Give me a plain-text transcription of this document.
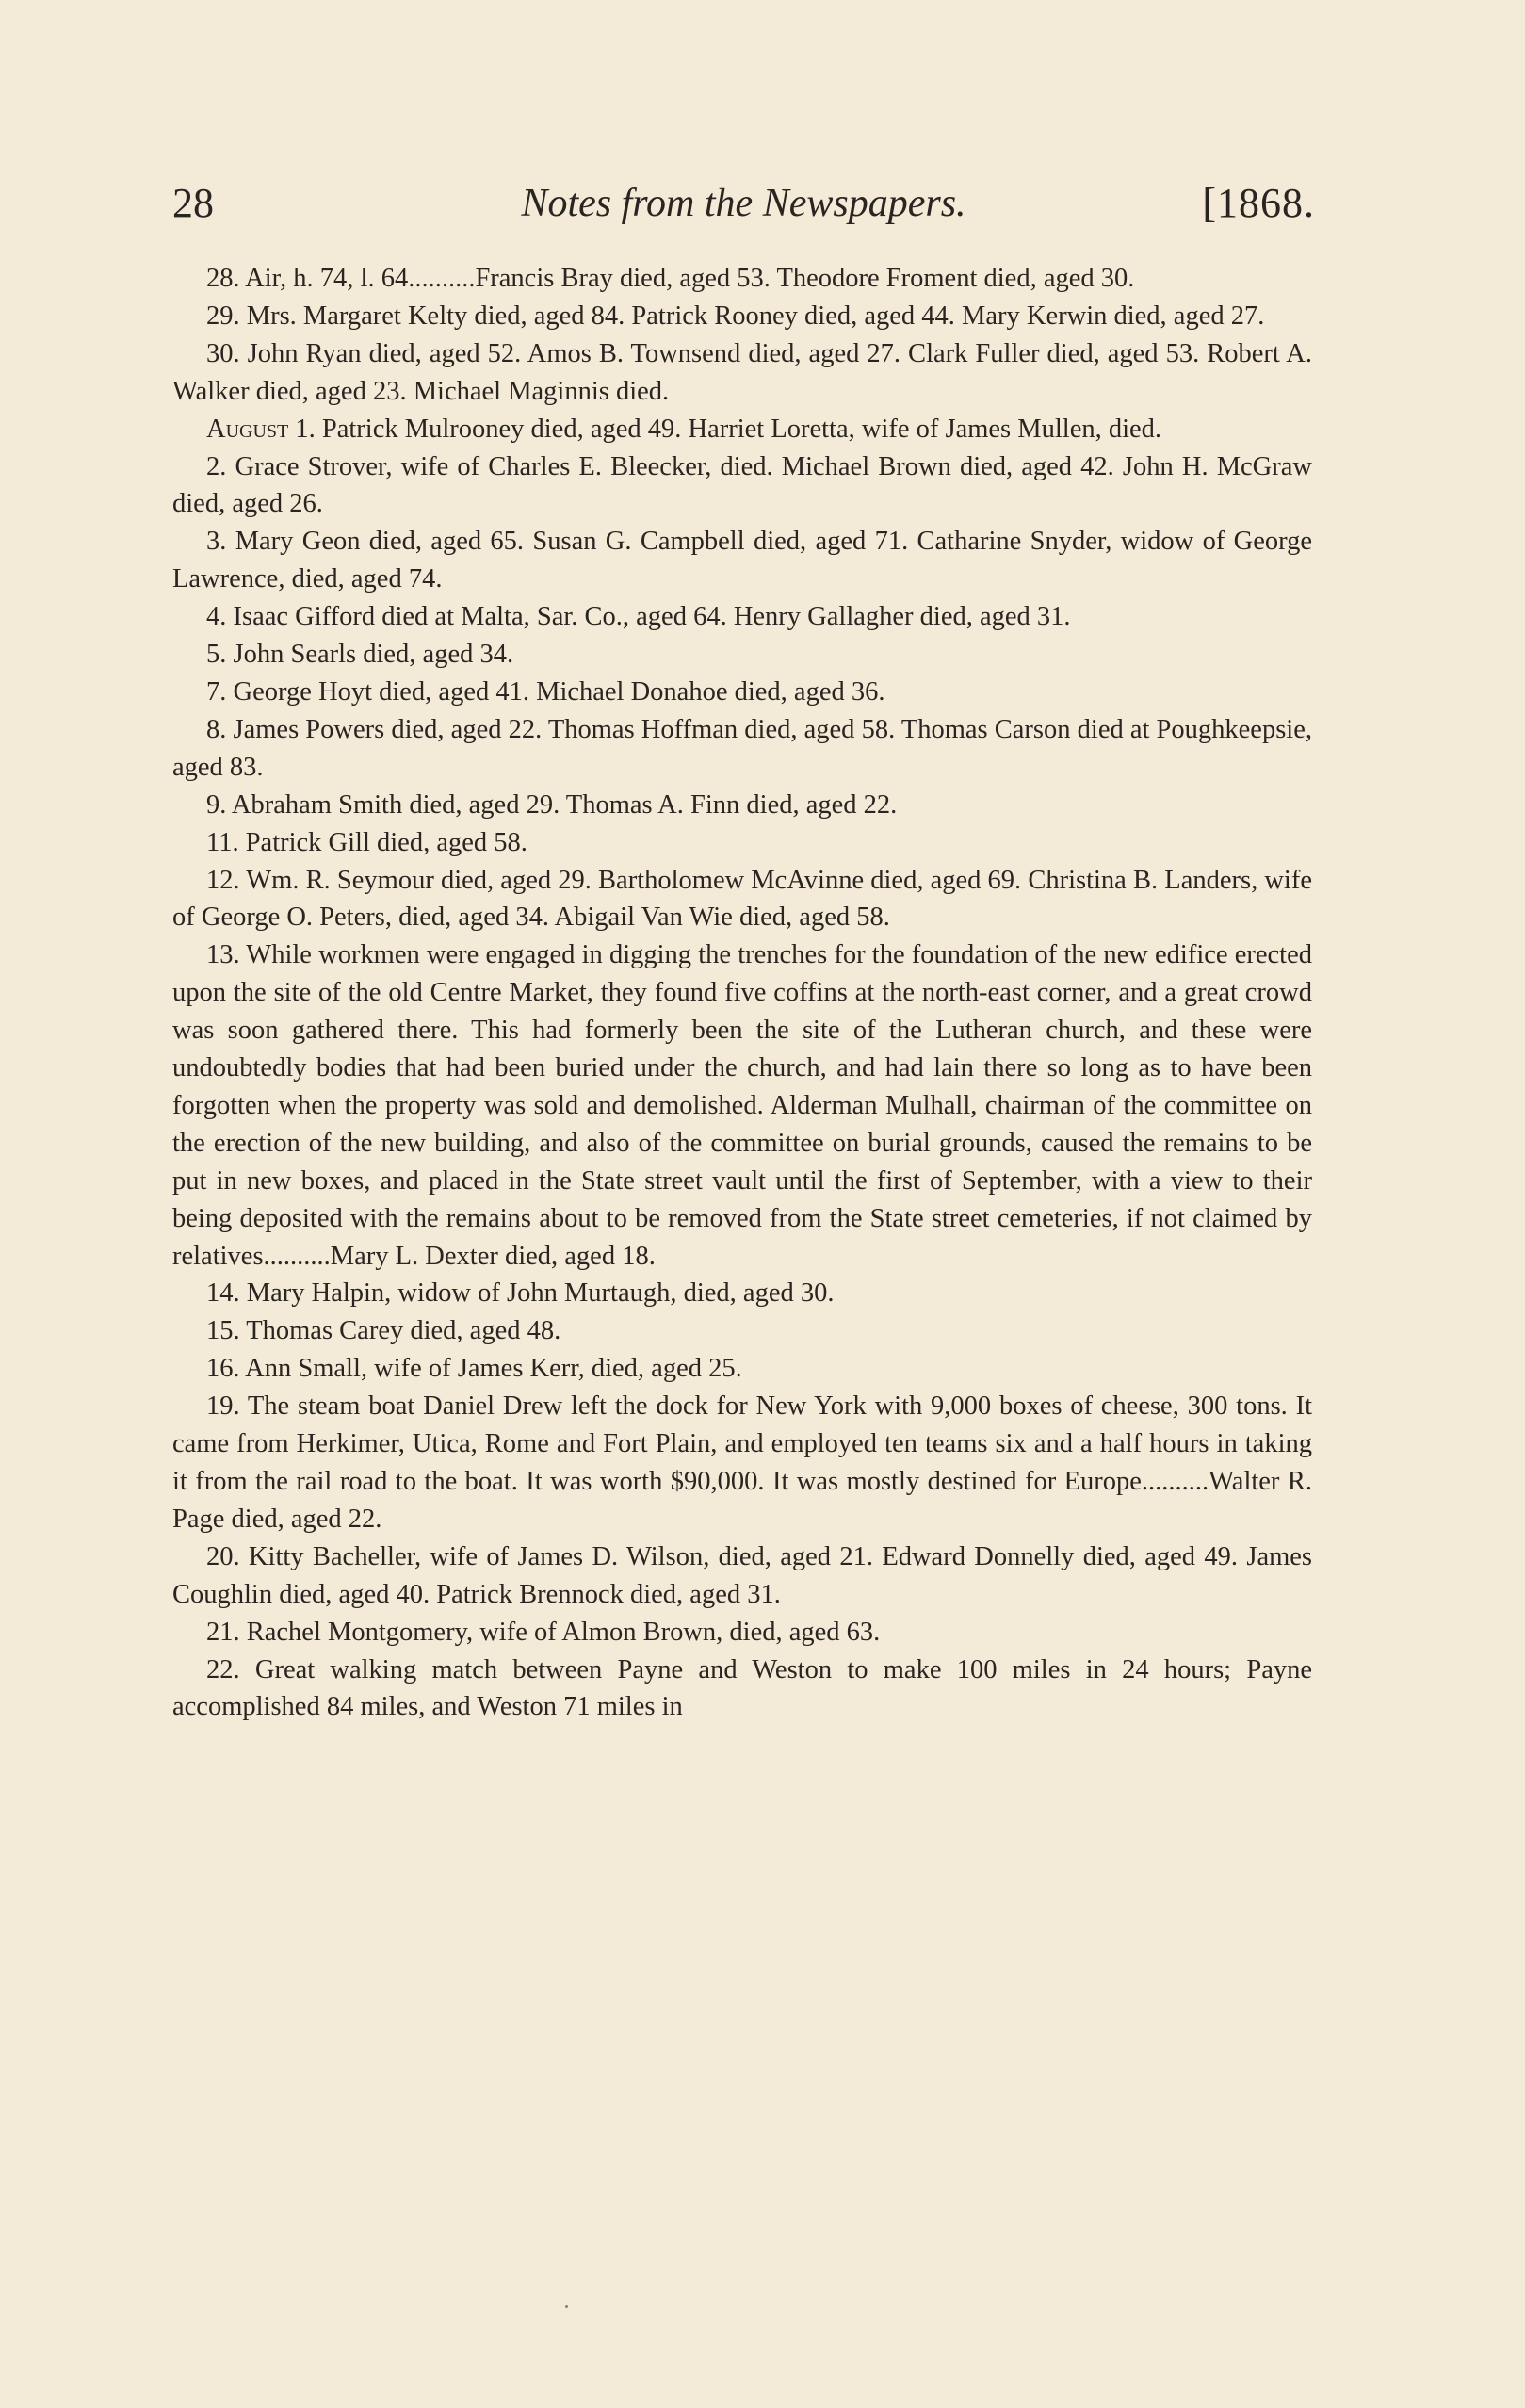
28	Notes from the Newspapers.	[1868.

28. Air, h. 74, l. 64..........Francis Bray died, aged 53. Theodore Froment died, aged 30.

29. Mrs. Margaret Kelty died, aged 84. Patrick Rooney died, aged 44. Mary Kerwin died, aged 27.

30. John Ryan died, aged 52. Amos B. Townsend died, aged 27. Clark Fuller died, aged 53. Robert A. Walker died, aged 23. Michael Maginnis died.

August 1. Patrick Mulrooney died, aged 49. Harriet Loretta, wife of James Mullen, died.

2. Grace Strover, wife of Charles E. Bleecker, died. Michael Brown died, aged 42. John H. McGraw died, aged 26.

3. Mary Geon died, aged 65. Susan G. Campbell died, aged 71. Catharine Snyder, widow of George Lawrence, died, aged 74.

4. Isaac Gifford died at Malta, Sar. Co., aged 64. Henry Gallagher died, aged 31.

5. John Searls died, aged 34.

7. George Hoyt died, aged 41. Michael Donahoe died, aged 36.

8. James Powers died, aged 22. Thomas Hoffman died, aged 58. Thomas Carson died at Poughkeepsie, aged 83.

9. Abraham Smith died, aged 29. Thomas A. Finn died, aged 22.

11. Patrick Gill died, aged 58.

12. Wm. R. Seymour died, aged 29. Bartholomew McAvinne died, aged 69. Christina B. Landers, wife of George O. Peters, died, aged 34. Abigail Van Wie died, aged 58.

13. While workmen were engaged in digging the trenches for the foundation of the new edifice erected upon the site of the old Centre Market, they found five coffins at the north-east corner, and a great crowd was soon gathered there. This had formerly been the site of the Lutheran church, and these were undoubtedly bodies that had been buried under the church, and had lain there so long as to have been forgotten when the property was sold and demolished. Alderman Mulhall, chairman of the committee on the erection of the new building, and also of the committee on burial grounds, caused the remains to be put in new boxes, and placed in the State street vault until the first of September, with a view to their being deposited with the remains about to be removed from the State street cemeteries, if not claimed by relatives..........Mary L. Dexter died, aged 18.

14. Mary Halpin, widow of John Murtaugh, died, aged 30.

15. Thomas Carey died, aged 48.

16. Ann Small, wife of James Kerr, died, aged 25.

19. The steam boat Daniel Drew left the dock for New York with 9,000 boxes of cheese, 300 tons. It came from Herkimer, Utica, Rome and Fort Plain, and employed ten teams six and a half hours in taking it from the rail road to the boat. It was worth $90,000. It was mostly destined for Europe..........Walter R. Page died, aged 22.

20. Kitty Bacheller, wife of James D. Wilson, died, aged 21. Edward Donnelly died, aged 49. James Coughlin died, aged 40. Patrick Brennock died, aged 31.

21. Rachel Montgomery, wife of Almon Brown, died, aged 63.

22. Great walking match between Payne and Weston to make 100 miles in 24 hours; Payne accomplished 84 miles, and Weston 71 miles in
